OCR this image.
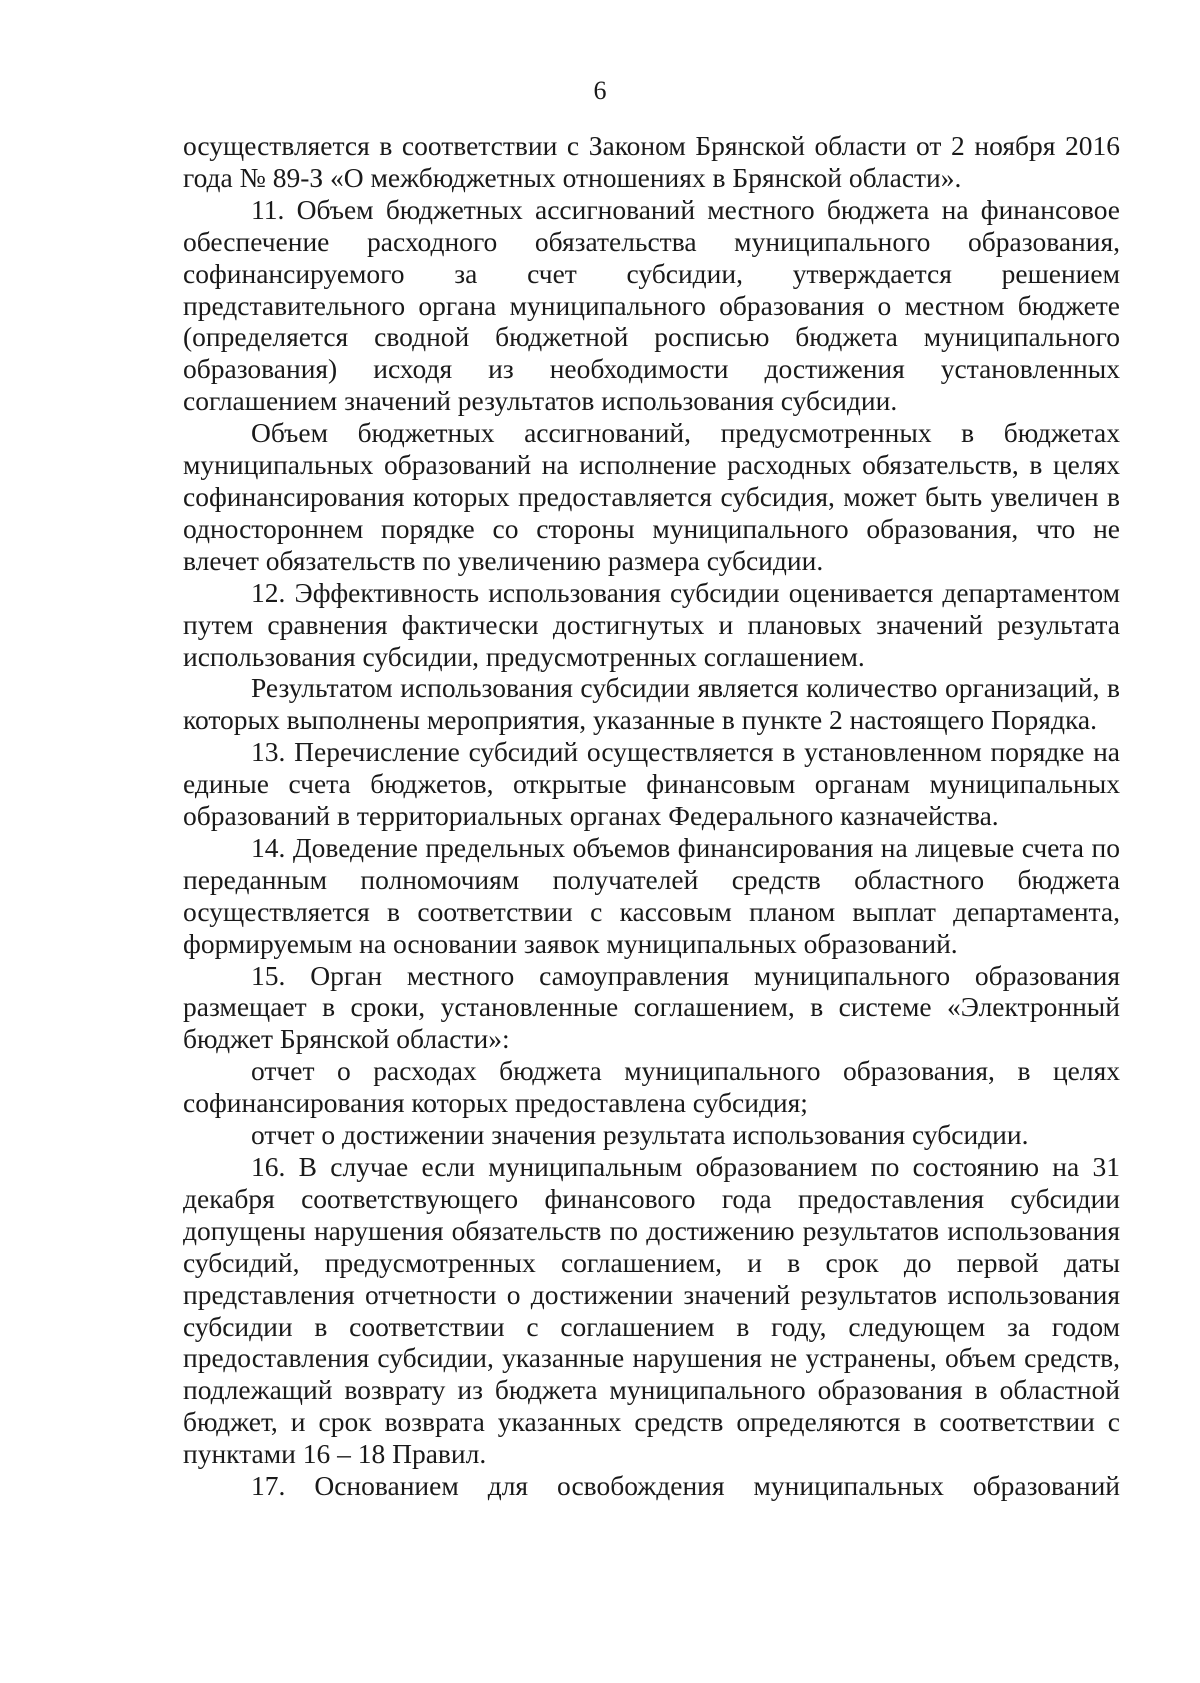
6

осуществляется в соответствии с Законом Брянской области от 2 ноября 2016 года № 89-З «О межбюджетных отношениях в Брянской области».

11. Объем бюджетных ассигнований местного бюджета на финансовое обеспечение расходного обязательства муниципального образования, софинансируемого за счет субсидии, утверждается решением представительного органа муниципального образования о местном бюджете (определяется сводной бюджетной росписью бюджета муниципального образования) исходя из необходимости достижения установленных соглашением значений результатов использования субсидии.

Объем бюджетных ассигнований, предусмотренных в бюджетах муниципальных образований на исполнение расходных обязательств, в целях софинансирования которых предоставляется субсидия, может быть увеличен в одностороннем порядке со стороны муниципального образования, что не влечет обязательств по увеличению размера субсидии.

12. Эффективность использования субсидии оценивается департаментом путем сравнения фактически достигнутых и плановых значений результата использования субсидии, предусмотренных соглашением.

Результатом использования субсидии является количество организаций, в которых выполнены мероприятия, указанные в пункте 2 настоящего Порядка.

13. Перечисление субсидий осуществляется в установленном порядке на единые счета бюджетов, открытые финансовым органам муниципальных образований в территориальных органах Федерального казначейства.

14. Доведение предельных объемов финансирования на лицевые счета по переданным полномочиям получателей средств областного бюджета осуществляется в соответствии с кассовым планом выплат департамента, формируемым на основании заявок муниципальных образований.

15. Орган местного самоуправления муниципального образования размещает в сроки, установленные соглашением, в системе «Электронный бюджет Брянской области»:

отчет о расходах бюджета муниципального образования, в целях софинансирования которых предоставлена субсидия;

отчет о достижении значения результата использования субсидии.

16. В случае если муниципальным образованием по состоянию на 31 декабря соответствующего финансового года предоставления субсидии допущены нарушения обязательств по достижению результатов использования субсидий, предусмотренных соглашением, и в срок до первой даты представления отчетности о достижении значений результатов использования субсидии в соответствии с соглашением в году, следующем за годом предоставления субсидии, указанные нарушения не устранены, объем средств, подлежащий возврату из бюджета муниципального образования в областной бюджет, и срок возврата указанных средств определяются в соответствии с пунктами 16 – 18 Правил.

17. Основанием для освобождения муниципальных образований
